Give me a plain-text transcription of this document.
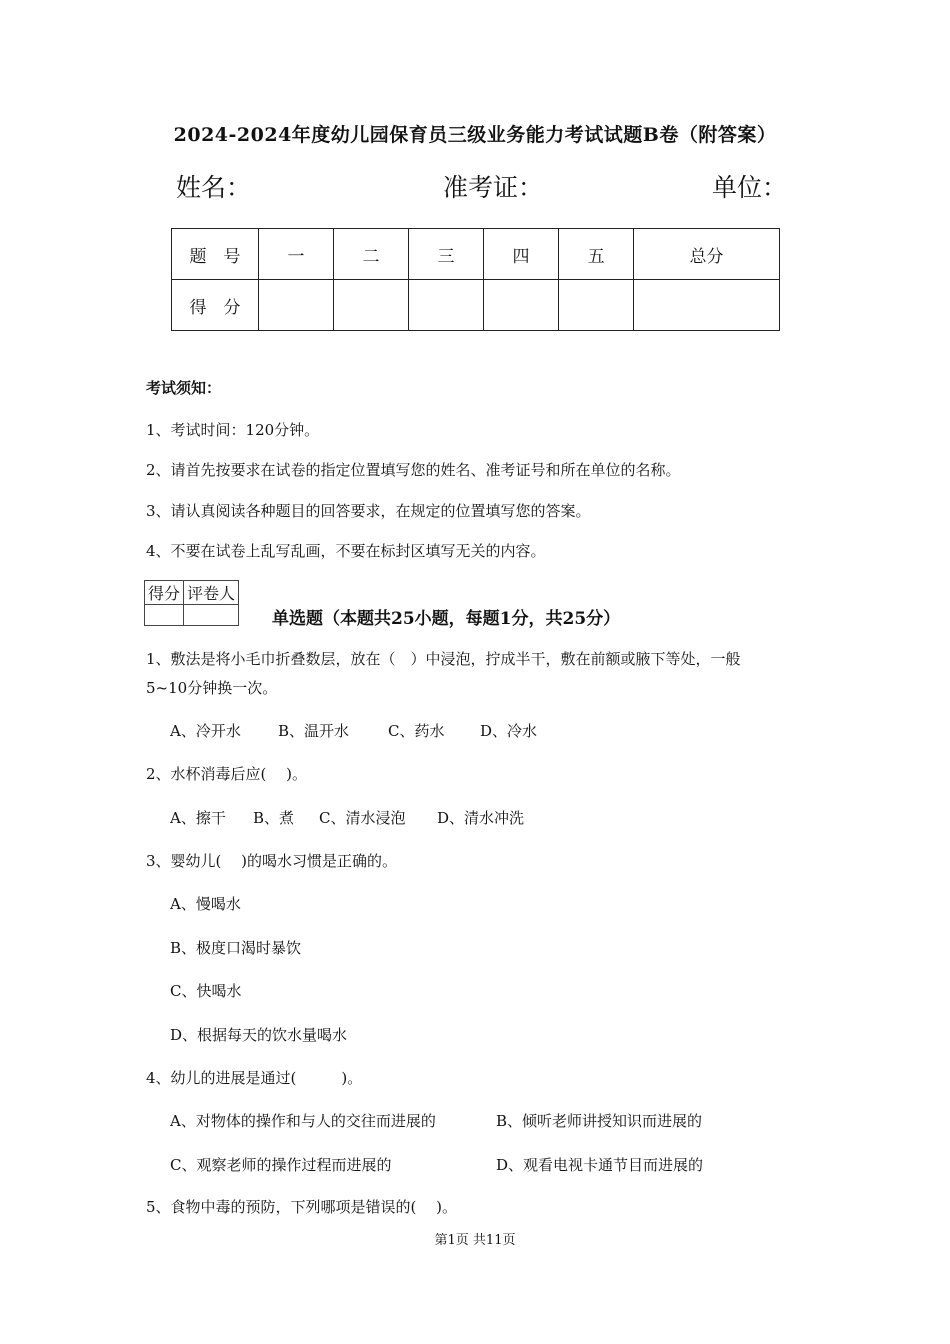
2024-2024年度幼儿园保育员三级业务能力考试试题B卷（附答案）
姓名：	准考证：	单位：
题　号	一	二	三	四	五	总分
得　分						
考试须知：
1、考试时间：120分钟。
2、请首先按要求在试卷的指定位置填写您的姓名、准考证号和所在单位的名称。
3、请认真阅读各种题目的回答要求，在规定的位置填写您的答案。
4、不要在试卷上乱写乱画，不要在标封区填写无关的内容。
得分	评卷人

单选题（本题共25小题，每题1分，共25分）
1、敷法是将小毛巾折叠数层，放在（　）中浸泡，拧成半干，敷在前额或腋下等处，一般
5~10分钟换一次。
A、冷开水 B、温开水	C、药水 D、冷水
2、水杯消毒后应(　 )。
A、擦干 B、煮 C、清水浸泡 D、清水冲洗
3、婴幼儿(　 )的喝水习惯是正确的。
A、慢喝水
B、极度口渴时暴饮
C、快喝水
D、根据每天的饮水量喝水
4、幼儿的进展是通过(　　　)。
A、对物体的操作和与人的交往而进展的	B、倾听老师讲授知识而进展的
C、观察老师的操作过程而进展的	D、观看电视卡通节目而进展的
5、食物中毒的预防，下列哪项是错误的(　 )。
第1页 共11页
